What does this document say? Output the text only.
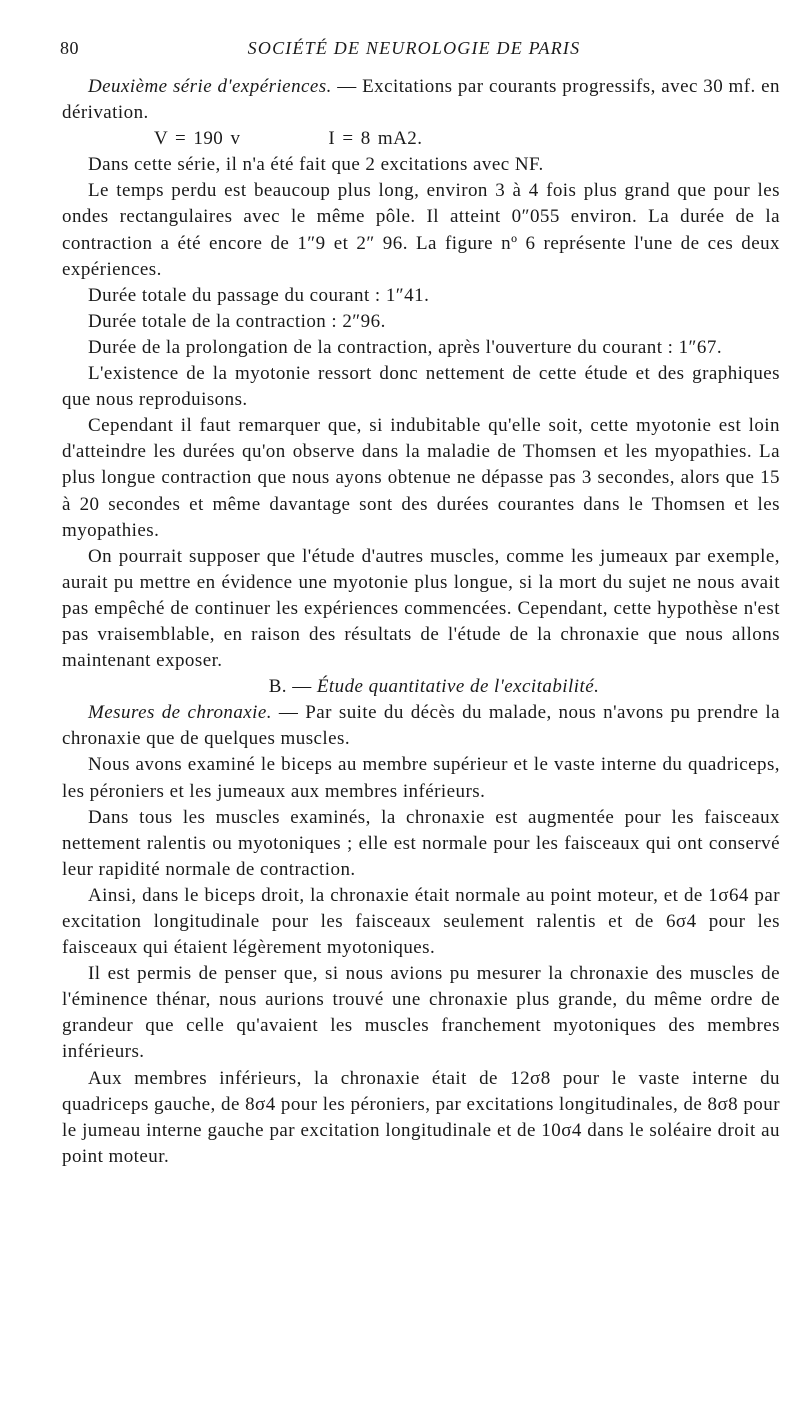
80	SOCIÉTÉ DE NEUROLOGIE DE PARIS

Deuxième série d'expériences. — Excitations par courants progressifs, avec 30 mf. en dérivation.

V = 190 v	I = 8 mA2.

Dans cette série, il n'a été fait que 2 excitations avec NF.

Le temps perdu est beaucoup plus long, environ 3 à 4 fois plus grand que pour les ondes rectangulaires avec le même pôle. Il atteint 0″055 environ. La durée de la contraction a été encore de 1″9 et 2″ 96. La figure nº 6 représente l'une de ces deux expériences.

Durée totale du passage du courant : 1″41.

Durée totale de la contraction : 2″96.

Durée de la prolongation de la contraction, après l'ouverture du courant : 1″67.

L'existence de la myotonie ressort donc nettement de cette étude et des graphiques que nous reproduisons.

Cependant il faut remarquer que, si indubitable qu'elle soit, cette myotonie est loin d'atteindre les durées qu'on observe dans la maladie de Thomsen et les myopathies. La plus longue contraction que nous ayons obtenue ne dépasse pas 3 secondes, alors que 15 à 20 secondes et même davantage sont des durées courantes dans le Thomsen et les myopathies.

On pourrait supposer que l'étude d'autres muscles, comme les jumeaux par exemple, aurait pu mettre en évidence une myotonie plus longue, si la mort du sujet ne nous avait pas empêché de continuer les expériences commencées. Cependant, cette hypothèse n'est pas vraisemblable, en raison des résultats de l'étude de la chronaxie que nous allons maintenant exposer.

B. — Étude quantitative de l'excitabilité.

Mesures de chronaxie. — Par suite du décès du malade, nous n'avons pu prendre la chronaxie que de quelques muscles.

Nous avons examiné le biceps au membre supérieur et le vaste interne du quadriceps, les péroniers et les jumeaux aux membres inférieurs.

Dans tous les muscles examinés, la chronaxie est augmentée pour les faisceaux nettement ralentis ou myotoniques ; elle est normale pour les faisceaux qui ont conservé leur rapidité normale de contraction.

Ainsi, dans le biceps droit, la chronaxie était normale au point moteur, et de 1σ64 par excitation longitudinale pour les faisceaux seulement ralentis et de 6σ4 pour les faisceaux qui étaient légèrement myotoniques.

Il est permis de penser que, si nous avions pu mesurer la chronaxie des muscles de l'éminence thénar, nous aurions trouvé une chronaxie plus grande, du même ordre de grandeur que celle qu'avaient les muscles franchement myotoniques des membres inférieurs.

Aux membres inférieurs, la chronaxie était de 12σ8 pour le vaste interne du quadriceps gauche, de 8σ4 pour les péroniers, par excitations longitudinales, de 8σ8 pour le jumeau interne gauche par excitation longitudinale et de 10σ4 dans le soléaire droit au point moteur.
